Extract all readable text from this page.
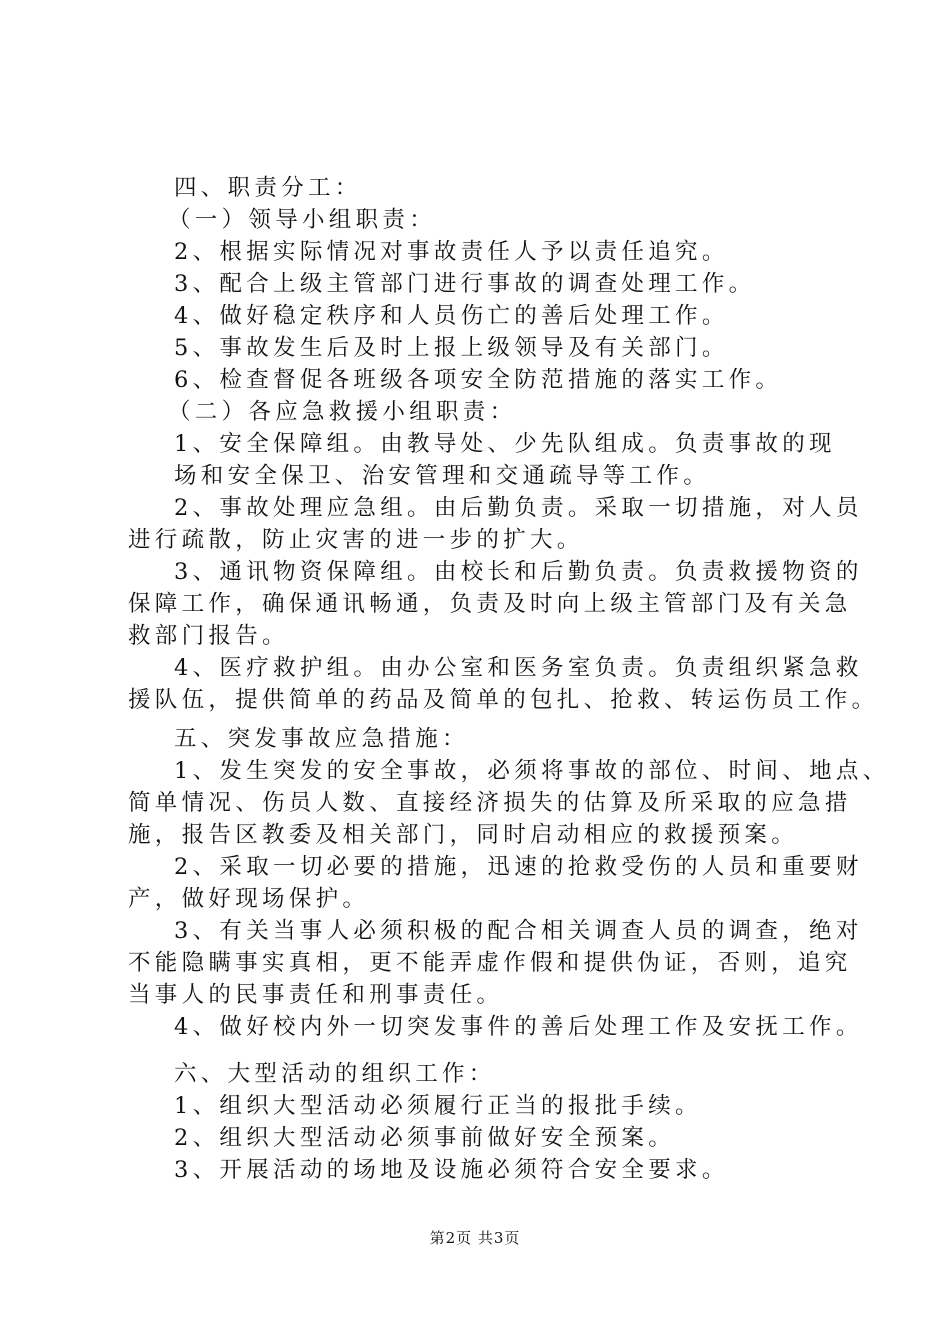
四、职责分工：
（一）领导小组职责：
2、根据实际情况对事故责任人予以责任追究。
3、配合上级主管部门进行事故的调查处理工作。
4、做好稳定秩序和人员伤亡的善后处理工作。
5、事故发生后及时上报上级领导及有关部门。
6、检查督促各班级各项安全防范措施的落实工作。
（二）各应急救援小组职责：
1、安全保障组。由教导处、少先队组成。负责事故的现
场和安全保卫、治安管理和交通疏导等工作。
2、事故处理应急组。由后勤负责。采取一切措施，对人员
进行疏散，防止灾害的进一步的扩大。
3、通讯物资保障组。由校长和后勤负责。负责救援物资的
保障工作，确保通讯畅通，负责及时向上级主管部门及有关急
救部门报告。
4、医疗救护组。由办公室和医务室负责。负责组织紧急救
援队伍，提供简单的药品及简单的包扎、抢救、转运伤员工作。
五、突发事故应急措施：
1、发生突发的安全事故，必须将事故的部位、时间、地点、
简单情况、伤员人数、直接经济损失的估算及所采取的应急措
施，报告区教委及相关部门，同时启动相应的救援预案。
2、采取一切必要的措施，迅速的抢救受伤的人员和重要财
产，做好现场保护。
3、有关当事人必须积极的配合相关调查人员的调查，绝对
不能隐瞒事实真相，更不能弄虚作假和提供伪证，否则，追究
当事人的民事责任和刑事责任。
4、做好校内外一切突发事件的善后处理工作及安抚工作。
六、大型活动的组织工作：
1、组织大型活动必须履行正当的报批手续。
2、组织大型活动必须事前做好安全预案。
3、开展活动的场地及设施必须符合安全要求。
第2页 共3页
